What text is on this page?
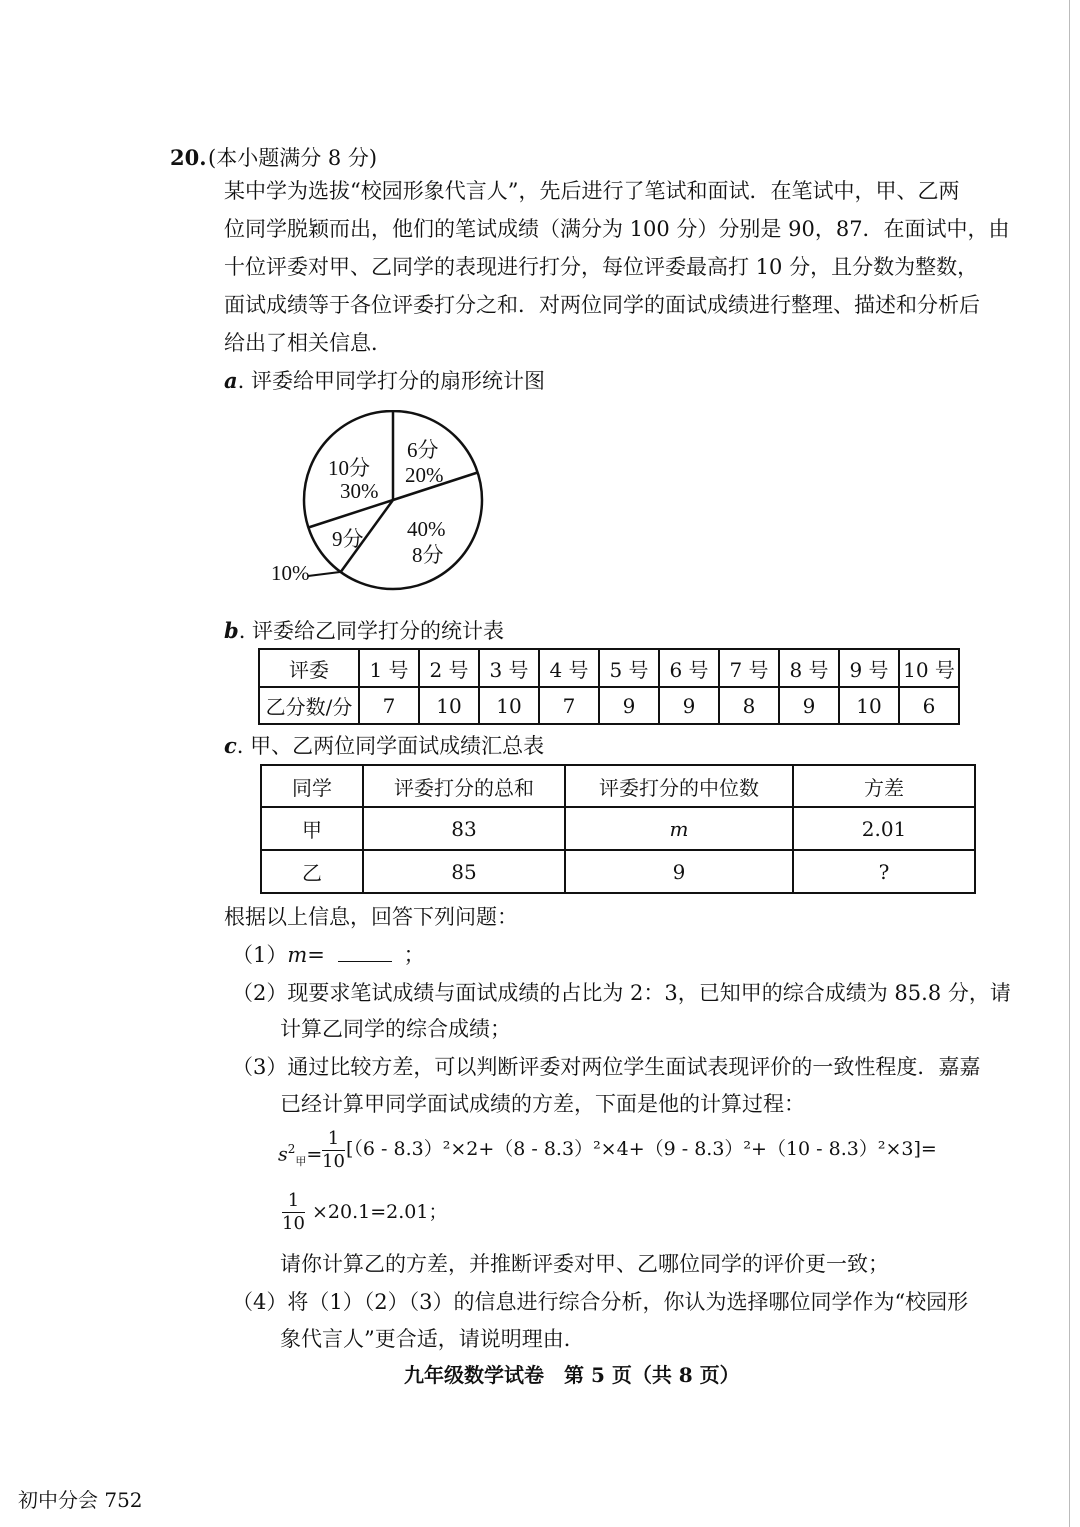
20. (本小题满分 8 分)
某中学为选拔“校园形象代言人”，先后进行了笔试和面试．在笔试中，甲、乙两
位同学脱颖而出，他们的笔试成绩（满分为 100 分）分别是 90，87．在面试中，由
十位评委对甲、乙同学的表现进行打分，每位评委最高打 10 分，且分数为整数，
面试成绩等于各位评委打分之和．对两位同学的面试成绩进行整理、描述和分析后
给出了相关信息．
a. 评委给甲同学打分的扇形统计图
6分
20%
40%
8分
9分
10%
10分
30%
b. 评委给乙同学打分的统计表
评委	1 号	2 号	3 号	4 号	5 号	6 号	7 号	8 号	9 号	10 号
乙分数/分	7	10	10	7	9	9	8	9	10	6
c. 甲、乙两位同学面试成绩汇总表
同学	评委打分的总和	评委打分的中位数	方差
甲	83	m	2.01
乙	85	9	?
根据以上信息，回答下列问题：
（1）m=	；
（2）现要求笔试成绩与面试成绩的占比为 2：3，已知甲的综合成绩为 85.8 分，请
计算乙同学的综合成绩；
（3）通过比较方差，可以判断评委对两位学生面试表现评价的一致性程度．嘉嘉
已经计算甲同学面试成绩的方差，下面是他的计算过程：
$s^2_甲= \frac{1}{10} [(6 - 8.3)^2\times 2+(8 - 8.3)^2\times 4+(9 - 8.3)^2+(10 - 8.3)^2\times 3]=$
$\frac{1}{10} \times 20.1=2.01$；
请你计算乙的方差，并推断评委对甲、乙哪位同学的评价更一致；
（4）将（1）（2）（3）的信息进行综合分析，你认为选择哪位同学作为“校园形
象代言人”更合适，请说明理由．
九年级数学试卷　第 5 页（共 8 页）
初中分会 752
